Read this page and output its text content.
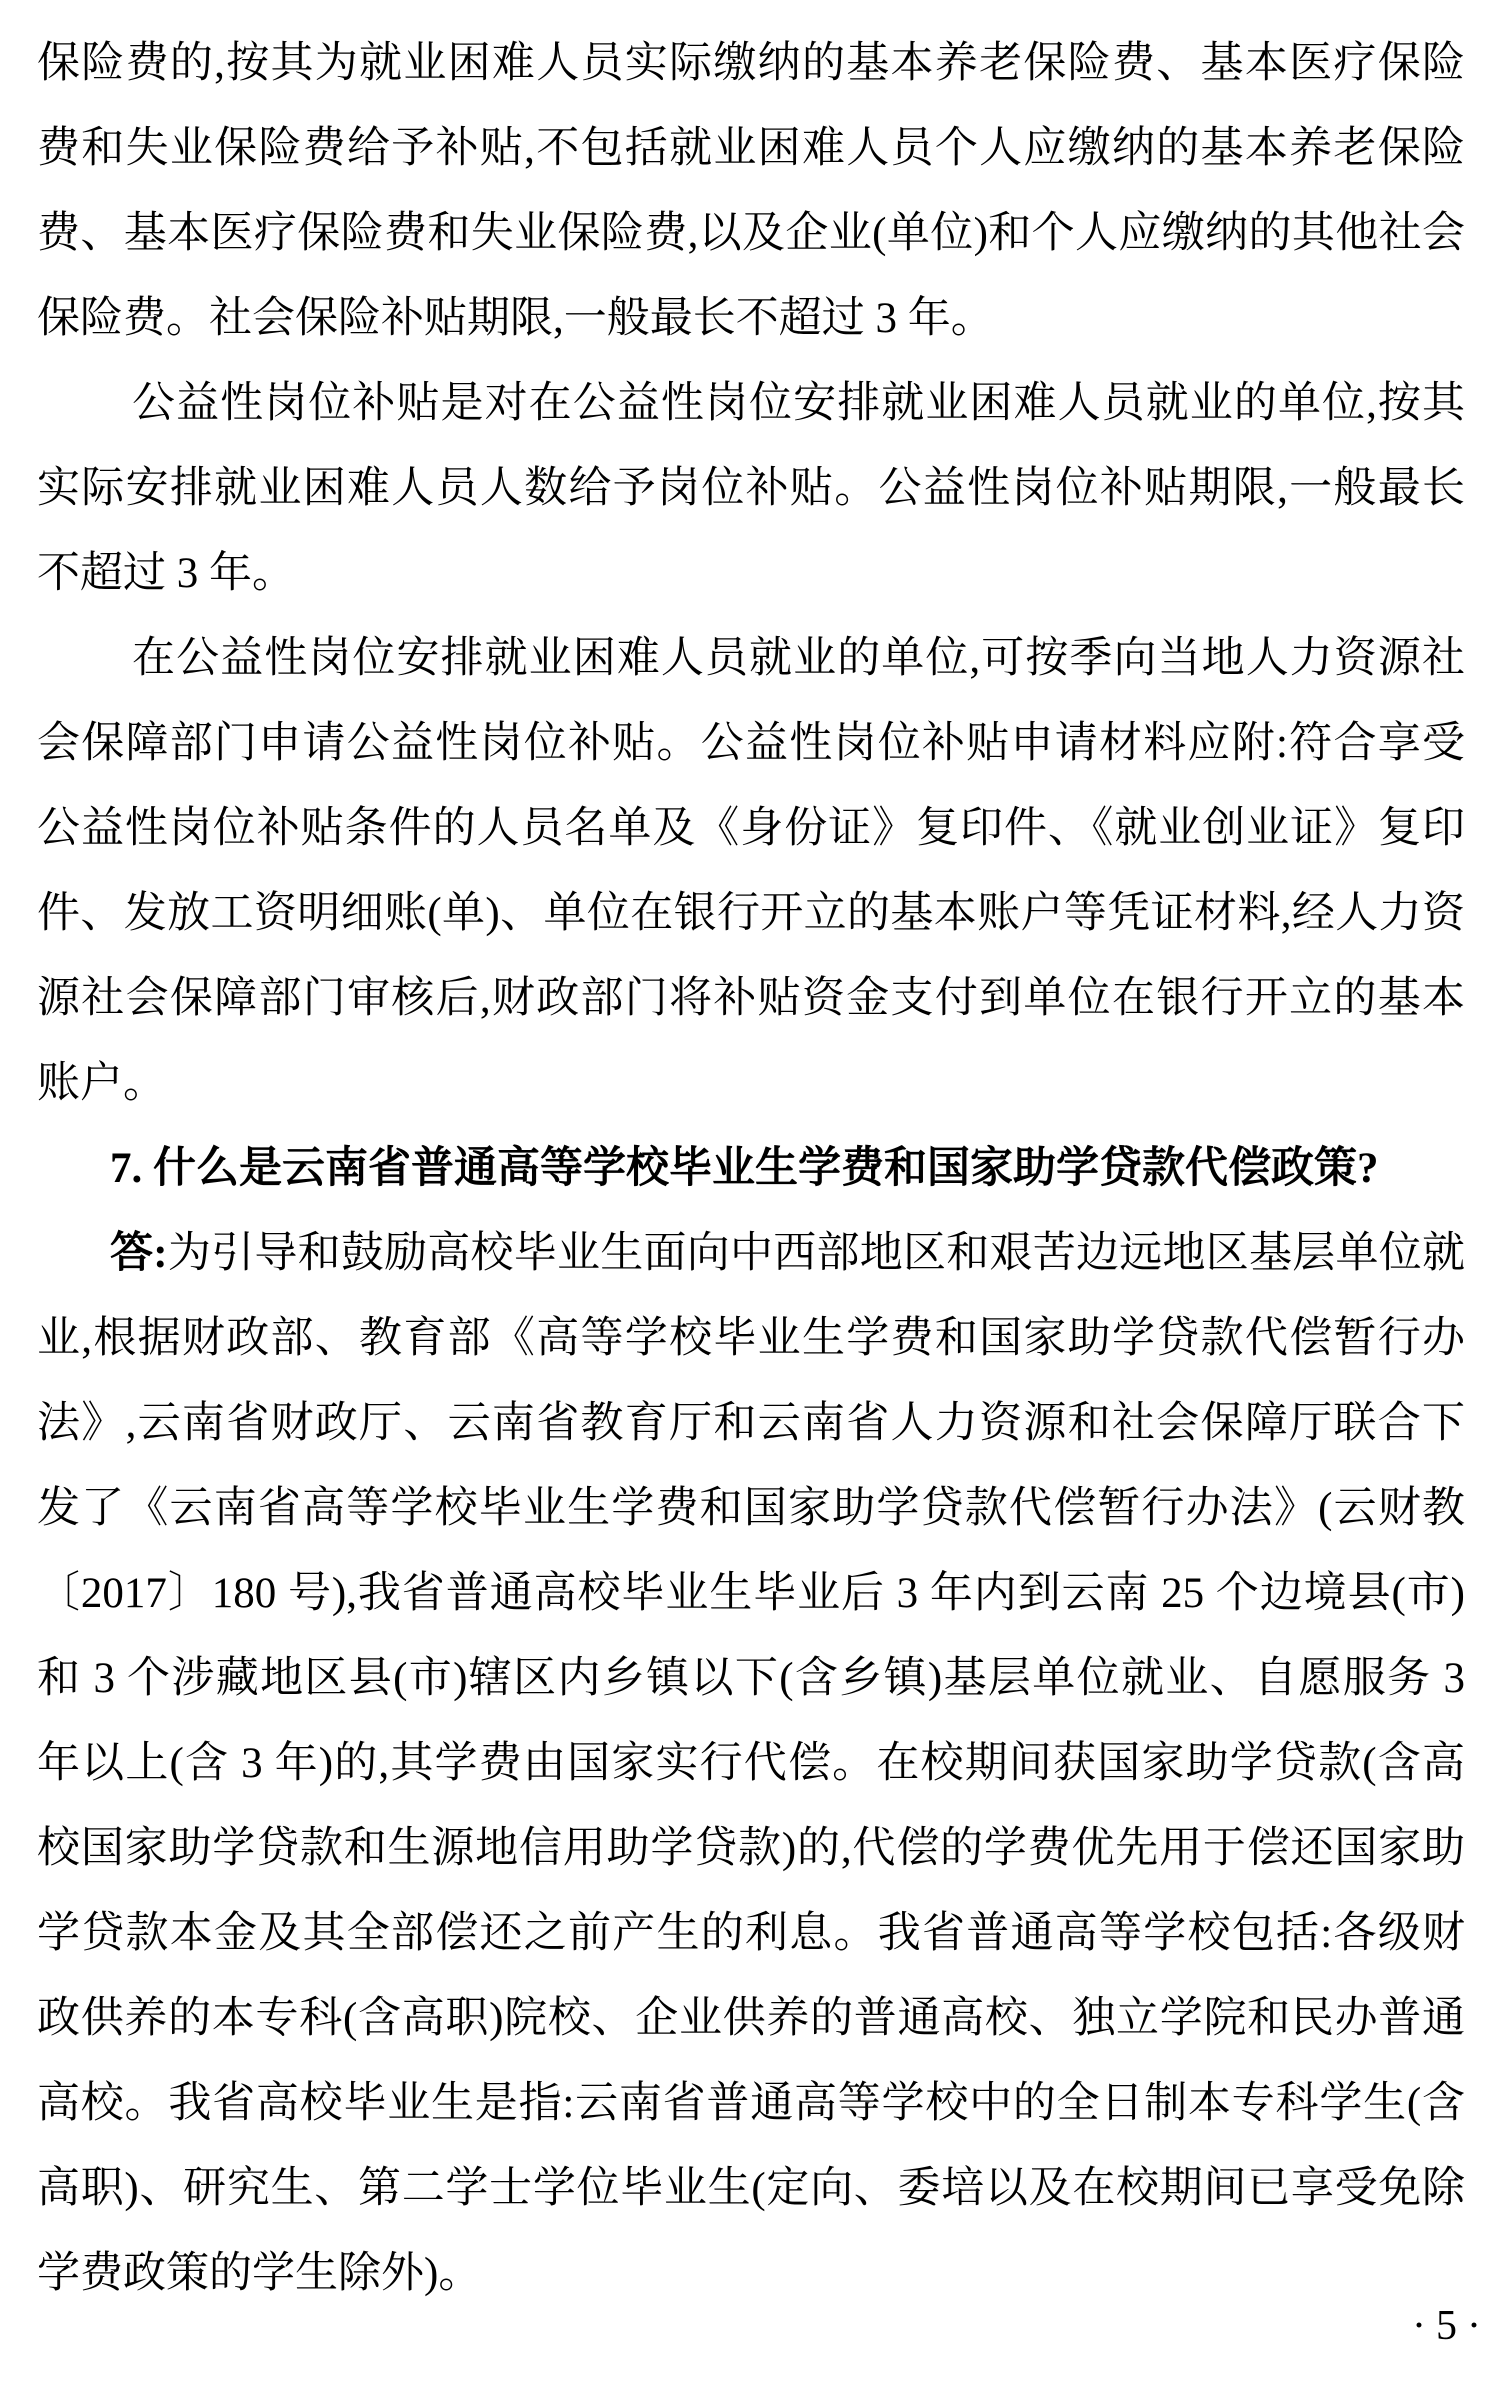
保险费的,按其为就业困难人员实际缴纳的基本养老保险费、基本医疗保险费和失业保险费给予补贴,不包括就业困难人员个人应缴纳的基本养老保险费、基本医疗保险费和失业保险费,以及企业(单位)和个人应缴纳的其他社会保险费。社会保险补贴期限,一般最长不超过 3 年。

公益性岗位补贴是对在公益性岗位安排就业困难人员就业的单位,按其实际安排就业困难人员人数给予岗位补贴。公益性岗位补贴期限,一般最长不超过 3 年。

在公益性岗位安排就业困难人员就业的单位,可按季向当地人力资源社会保障部门申请公益性岗位补贴。公益性岗位补贴申请材料应附:符合享受公益性岗位补贴条件的人员名单及《身份证》复印件、《就业创业证》复印件、发放工资明细账(单)、单位在银行开立的基本账户等凭证材料,经人力资源社会保障部门审核后,财政部门将补贴资金支付到单位在银行开立的基本账户。

7. 什么是云南省普通高等学校毕业生学费和国家助学贷款代偿政策?

答:为引导和鼓励高校毕业生面向中西部地区和艰苦边远地区基层单位就业,根据财政部、教育部《高等学校毕业生学费和国家助学贷款代偿暂行办法》,云南省财政厅、云南省教育厅和云南省人力资源和社会保障厅联合下发了《云南省高等学校毕业生学费和国家助学贷款代偿暂行办法》(云财教〔2017〕180 号),我省普通高校毕业生毕业后 3 年内到云南 25 个边境县(市)和 3 个涉藏地区县(市)辖区内乡镇以下(含乡镇)基层单位就业、自愿服务 3 年以上(含 3 年)的,其学费由国家实行代偿。在校期间获国家助学贷款(含高校国家助学贷款和生源地信用助学贷款)的,代偿的学费优先用于偿还国家助学贷款本金及其全部偿还之前产生的利息。我省普通高等学校包括:各级财政供养的本专科(含高职)院校、企业供养的普通高校、独立学院和民办普通高校。我省高校毕业生是指:云南省普通高等学校中的全日制本专科学生(含高职)、研究生、第二学士学位毕业生(定向、委培以及在校期间已享受免除学费政策的学生除外)。

·5·
